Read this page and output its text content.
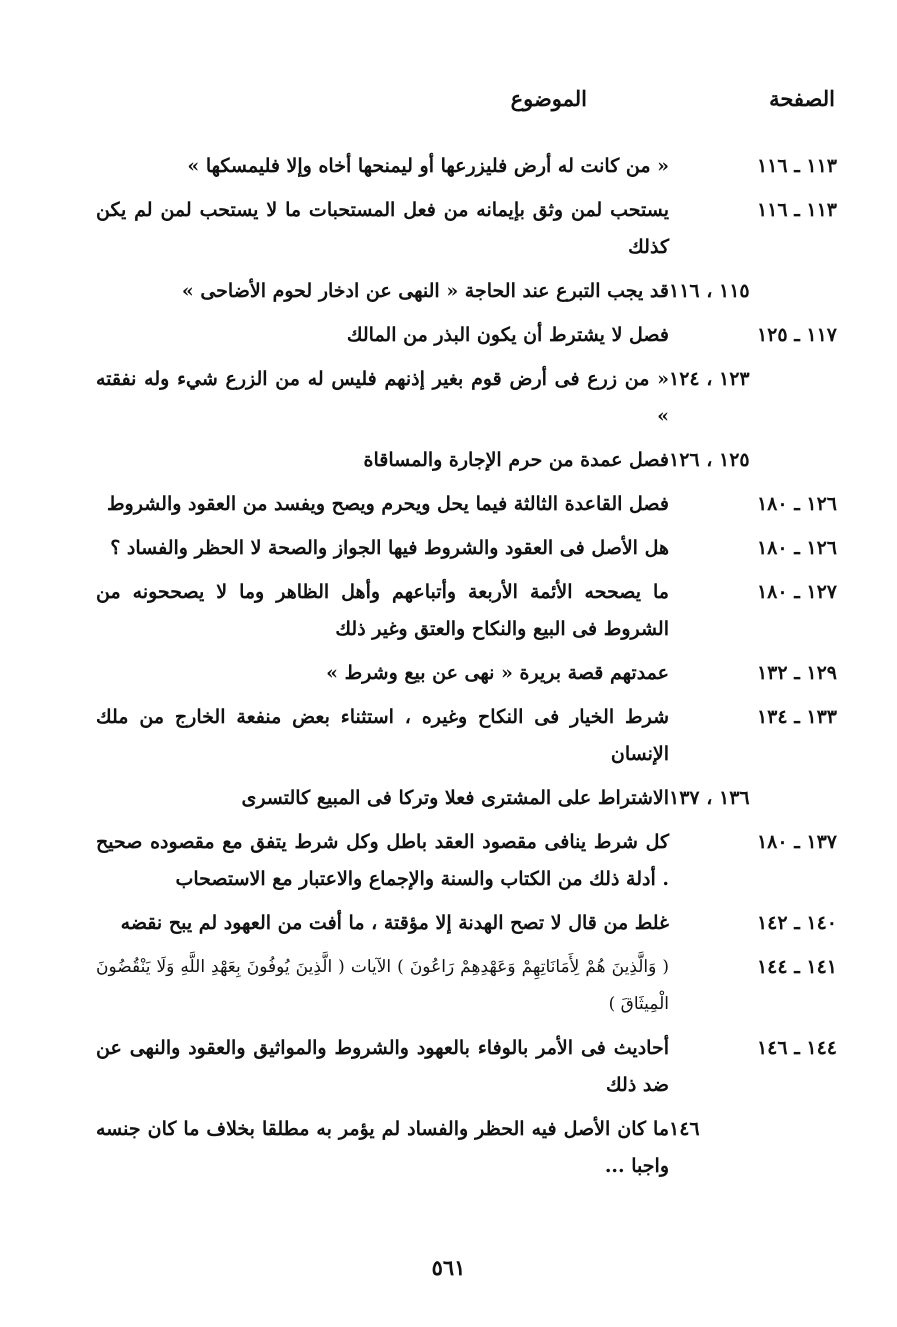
الصفحة
الموضوع
١١٣ ـ ١١٦
« من كانت له أرض فليزرعها أو ليمنحها أخاه وإلا فليمسكها »
١١٣ ـ ١١٦
يستحب لمن وثق بإيمانه من فعل المستحبات ما لا يستحب لمن لم يكن كذلك
١١٥ ، ١١٦
قد يجب التبرع عند الحاجة « النهى عن ادخار لحوم الأضاحى »
١١٧ ـ ١٢٥
فصل لا يشترط أن يكون البذر من المالك
١٢٣ ، ١٢٤
« من زرع فى أرض قوم بغير إذنهم فليس له من الزرع شيء وله نفقته »
١٢٥ ، ١٢٦
فصل عمدة من حرم الإجارة والمساقاة
١٢٦ ـ ١٨٠
فصل القاعدة الثالثة فيما يحل ويحرم ويصح ويفسد من العقود والشروط
١٢٦ ـ ١٨٠
هل الأصل فى العقود والشروط فيها الجواز والصحة لا الحظر والفساد ؟
١٢٧ ـ ١٨٠
ما يصححه الأئمة الأربعة وأتباعهم وأهل الظاهر وما لا يصححونه من الشروط فى البيع والنكاح والعتق وغير ذلك
١٢٩ ـ ١٣٢
عمدتهم قصة بريرة « نهى عن بيع وشرط »
١٣٣ ـ ١٣٤
شرط الخيار فى النكاح وغيره ، استثناء بعض منفعة الخارج من ملك الإنسان
١٣٦ ، ١٣٧
الاشتراط على المشترى فعلا وتركا فى المبيع كالتسرى
١٣٧ ـ ١٨٠
كل شرط ينافى مقصود العقد باطل وكل شرط يتفق مع مقصوده صحيح . أدلة ذلك من الكتاب والسنة والإجماع والاعتبار مع الاستصحاب
١٤٠ ـ ١٤٢
غلط من قال لا تصح الهدنة إلا مؤقتة ، ما أفت من العهود لم يبح نقضه
١٤١ ـ ١٤٤
( وَالَّذِينَ هُمْ لِأَمَانَاتِهِمْ وَعَهْدِهِمْ رَاعُونَ ) الآيات ( الَّذِينَ يُوفُونَ بِعَهْدِ اللَّهِ وَلَا يَنْقُضُونَ الْمِيثَاقَ )
١٤٤ ـ ١٤٦
أحاديث فى الأمر بالوفاء بالعهود والشروط والمواثيق والعقود والنهى عن ضد ذلك
١٤٦
ما كان الأصل فيه الحظر والفساد لم يؤمر به مطلقا بخلاف ما كان جنسه واجبا ...
٥٦١
